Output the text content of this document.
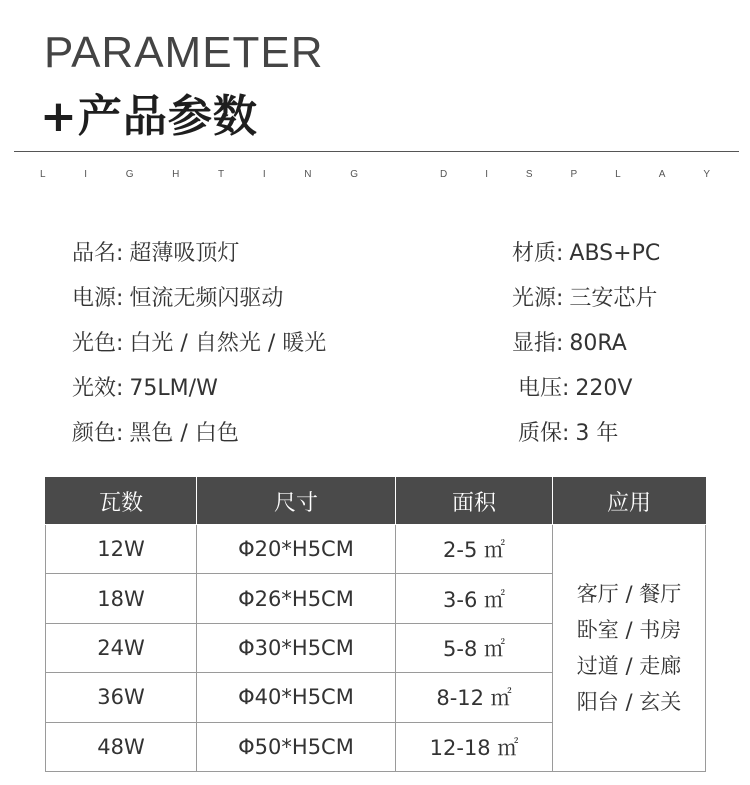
PARAMETER
+产品参数
L	I	G	H	T	I	N	G	D	I	S	P	L	A	Y
品名: 超薄吸顶灯
电源: 恒流无频闪驱动
光色: 白光 / 自然光 / 暖光
光效: 75LM/W
颜色: 黑色 / 白色
材质: ABS+PC
光源: 三安芯片
显指: 80RA
电压: 220V
质保: 3 年
瓦数	尺寸	面积	应用
12W	Φ20*H5CM	2-5 ㎡	客厅 / 餐厅
卧室 / 书房
过道 / 走廊
阳台 / 玄关

18W	Φ26*H5CM	3-6 ㎡	
24W	Φ30*H5CM	5-8 ㎡	
36W	Φ40*H5CM	8-12 ㎡	
48W	Φ50*H5CM	12-18 ㎡	
